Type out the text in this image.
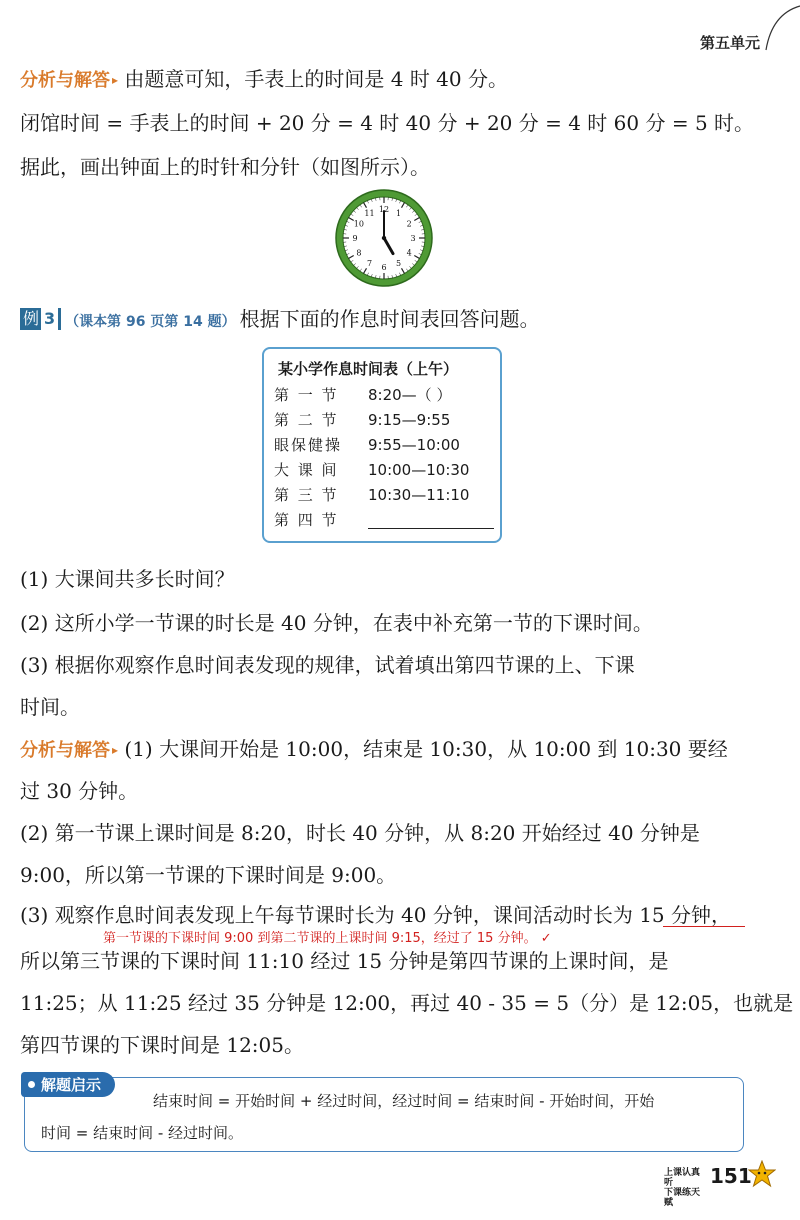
第五单元
分析与解答 ▸ 由题意可知，手表上的时间是 4 时 40 分。
闭馆时间 = 手表上的时间 + 20 分 = 4 时 40 分 + 20 分 = 4 时 60 分 = 5 时。
据此，画出钟面上的时针和分针（如图所示）。
12 1
2
3
4
5
6
7
8
9
10
11
例 3 （课本第 96 页第 14 题） 根据下面的作息时间表回答问题。
某小学作息时间表（上午）
第 一 节 8:20—（ ）
第 二 节 9:15—9:55
眼保健操 9:55—10:00
大 课 间 10:00—10:30
第 三 节 10:30—11:10
第 四 节
(1) 大课间共多长时间？
(2) 这所小学一节课的时长是 40 分钟，在表中补充第一节的下课时间。
(3) 根据你观察作息时间表发现的规律，试着填出第四节课的上、下课
时间。
分析与解答 ▸ (1) 大课间开始是 10:00，结束是 10:30，从 10:00 到 10:30 要经
过 30 分钟。
(2) 第一节课上课时间是 8:20，时长 40 分钟，从 8:20 开始经过 40 分钟是
9:00，所以第一节课的下课时间是 9:00。
(3) 观察作息时间表发现上午每节课时长为 40 分钟，课间活动时长为 15 分钟，
第一节课的下课时间 9:00 到第二节课的上课时间 9:15，经过了 15 分钟。 ✓
所以第三节课的下课时间 11:10 经过 15 分钟是第四节课的上课时间，是
11:25；从 11:25 经过 35 分钟是 12:00，再过 40 - 35 = 5（分）是 12:05，也就是
第四节课的下课时间是 12:05。
解题启示
结束时间 = 开始时间 + 经过时间，经过时间 = 结束时间 - 开始时间，开始
时间 = 结束时间 - 经过时间。
上课认真听
下课练天赋
151
